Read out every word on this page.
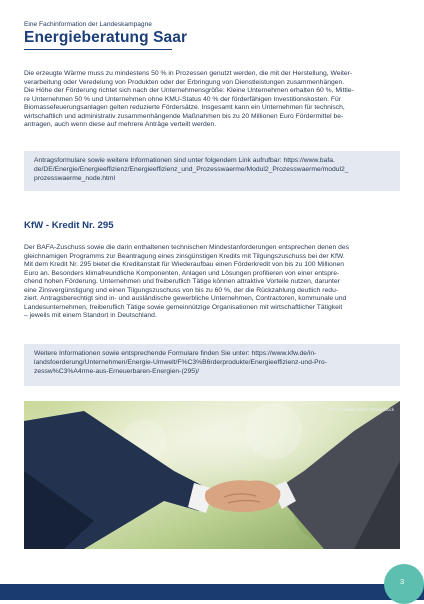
Eine Fachinformation der Landeskampagne
Energieberatung Saar

Die erzeugte Wärme muss zu mindestens 50 % in Prozessen genutzt werden, die mit der Herstellung, Weiter-
verarbeitung oder Veredelung von Produkten oder der Erbringung von Dienstleistungen zusammenhängen.
Die Höhe der Förderung richtet sich nach der Unternehmensgröße: Kleine Unternehmen erhalten 60 %, Mittle-
re Unternehmen 50 % und Unternehmen ohne KMU-Status 40 % der förderfähigen Investitionskosten. Für
Biomassefeuerungsanlagen gelten reduzierte Fördersätze. Insgesamt kann ein Unternehmen für technisch,
wirtschaftlich und administrativ zusammenhängende Maßnahmen bis zu 20 Millionen Euro Fördermittel be-
antragen, auch wenn diese auf mehrere Anträge verteilt werden.

Antragsformulare sowie weitere Informationen sind unter folgendem Link aufrufbar: https://www.bafa.
de/DE/Energie/Energieeffizienz/Energieeffizienz_und_Prozesswaerme/Modul2_Prozesswaerme/modul2_
prozesswaerme_node.html
KfW - Kredit Nr. 295

Der BAFA-Zuschuss sowie die darin enthaltenen technischen Mindestanforderungen entsprechen denen des
gleichnamigen Programms zur Beantragung eines zinsgünstigen Kredits mit Tilgungszuschuss bei der KfW.
Mit dem Kredit Nr. 295 bietet die Kreditanstalt für Wiederaufbau einen Förderkredit von bis zu 100 Millionen
Euro an. Besonders klimafreundliche Komponenten, Anlagen und Lösungen profitieren von einer entspre-
chend hohen Förderung. Unternehmen und freiberuflich Tätige können attraktive Vorteile nutzen, darunter
eine Zinsvergünstigung und einen Tilgungszuschuss von bis zu 60 %, der die Rückzahlung deutlich redu-
ziert. Antragsberechtigt sind in- und ausländische gewerbliche Unternehmen, Contractoren, kommunale und
Landesunternehmen, freiberuflich Tätige sowie gemeinnützige Organisationen mit wirtschaftlicher Tätigkeit
– jeweils mit einem Standort in Deutschland.

Weitere Informationen sowie entsprechende Formulare finden Sie unter: https://www.kfw.de/in-
landsfoerderung/Unternehmen/Energie-Umwelt/F%C3%B6rderprodukte/Energieeffizienz-und-Pro-
zessw%C3%A4rme-aus-Erneuerbaren-Energien-(295)/
Foto © Adobe Stock #Pikselstock
3
